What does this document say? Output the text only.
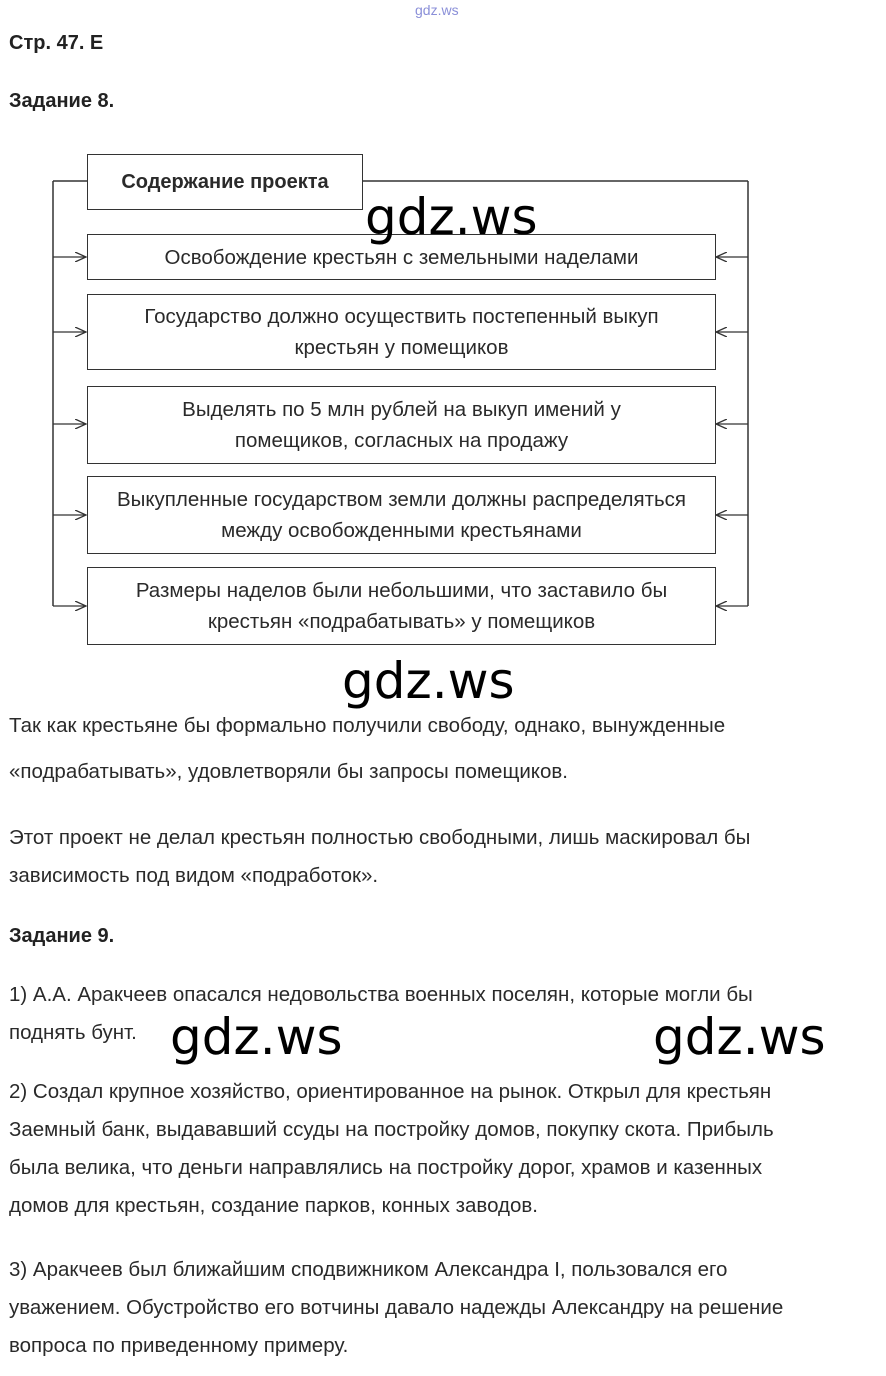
gdz.ws
Стр. 47. Е
Задание 8.
Содержание проекта
Освобождение крестьян с земельными наделами
Государство должно осуществить постепенный выкуп крестьян у помещиков
Выделять по 5 млн рублей на выкуп имений у помещиков, согласных на продажу
Выкупленные государством земли должны распределяться между освобожденными крестьянами
Размеры наделов были небольшими, что заставило бы крестьян «подрабатывать» у помещиков
gdz.ws
gdz.ws
gdz.ws	gdz.ws
Так как крестьяне бы формально получили свободу, однако, вынужденные
«подрабатывать», удовлетворяли бы запросы помещиков.
Этот проект не делал крестьян полностью свободными, лишь маскировал бы
зависимость под видом «подработок».
Задание 9.
1) А.А. Аракчеев опасался недовольства военных поселян, которые могли бы
поднять бунт.
2) Создал крупное хозяйство, ориентированное на рынок. Открыл для крестьян
Заемный банк, выдававший ссуды на постройку домов, покупку скота. Прибыль
была велика, что деньги направлялись на постройку дорог, храмов и казенных
домов для крестьян, создание парков, конных заводов.
3) Аракчеев был ближайшим сподвижником Александра I, пользовался его
уважением. Обустройство его вотчины давало надежды Александру на решение
вопроса по приведенному примеру.
